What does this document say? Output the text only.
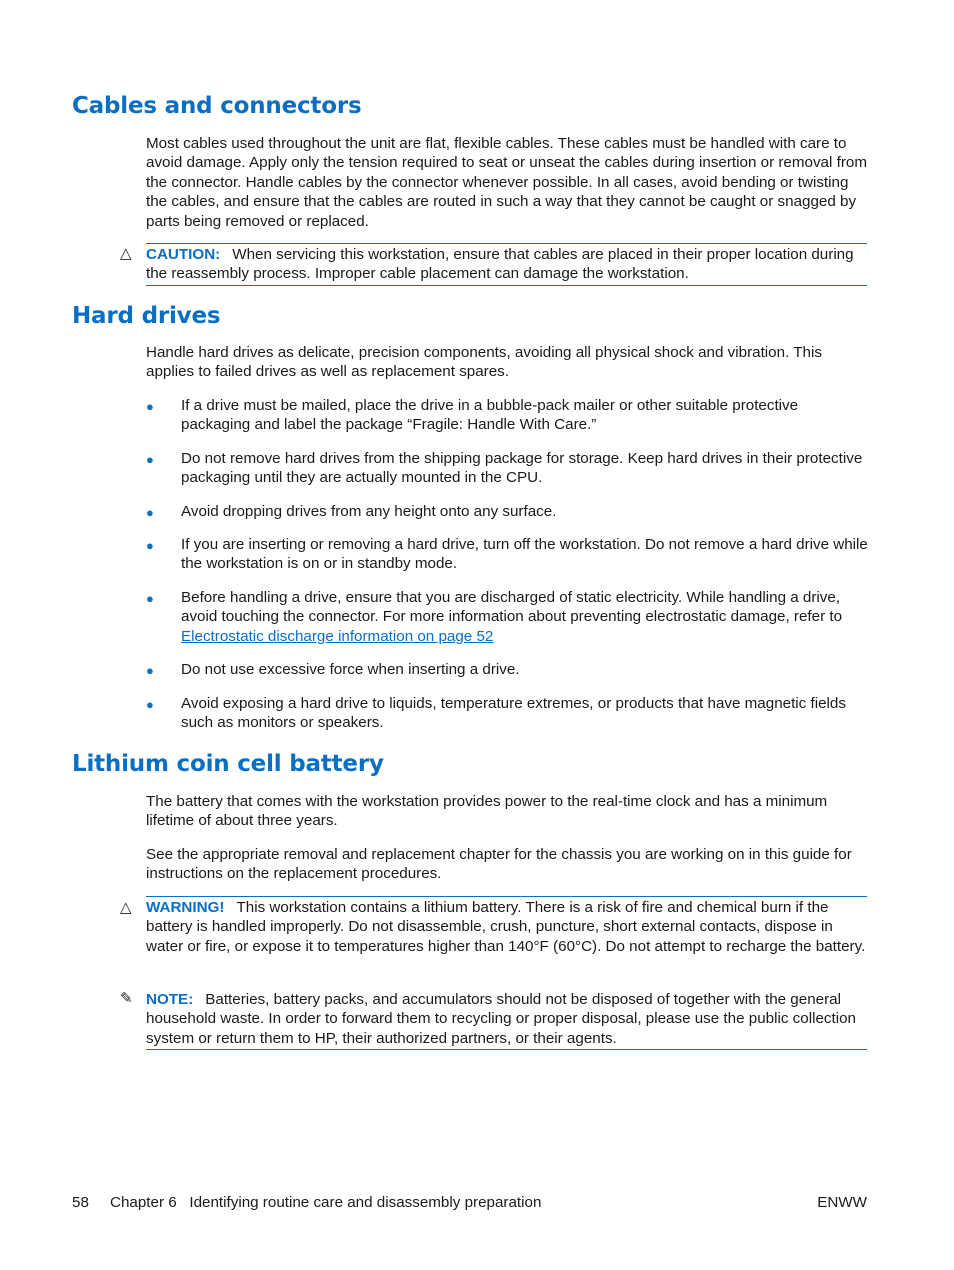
Cables and connectors

Most cables used throughout the unit are flat, flexible cables. These cables must be handled with care to avoid damage. Apply only the tension required to seat or unseat the cables during insertion or removal from the connector. Handle cables by the connector whenever possible. In all cases, avoid bending or twisting the cables, and ensure that the cables are routed in such a way that they cannot be caught or snagged by parts being removed or replaced.

△ CAUTION: When servicing this workstation, ensure that cables are placed in their proper location during the reassembly process. Improper cable placement can damage the workstation.
Hard drives

Handle hard drives as delicate, precision components, avoiding all physical shock and vibration. This applies to failed drives as well as replacement spares.

● If a drive must be mailed, place the drive in a bubble-pack mailer or other suitable protective packaging and label the package “Fragile: Handle With Care.”

● Do not remove hard drives from the shipping package for storage. Keep hard drives in their protective packaging until they are actually mounted in the CPU.

● Avoid dropping drives from any height onto any surface.

● If you are inserting or removing a hard drive, turn off the workstation. Do not remove a hard drive while the workstation is on or in standby mode.

● Before handling a drive, ensure that you are discharged of static electricity. While handling a drive, avoid touching the connector. For more information about preventing electrostatic damage, refer to Electrostatic discharge information on page 52

● Do not use excessive force when inserting a drive.

● Avoid exposing a hard drive to liquids, temperature extremes, or products that have magnetic fields such as monitors or speakers.

Lithium coin cell battery

The battery that comes with the workstation provides power to the real-time clock and has a minimum lifetime of about three years.

See the appropriate removal and replacement chapter for the chassis you are working on in this guide for instructions on the replacement procedures.

△ WARNING! This workstation contains a lithium battery. There is a risk of fire and chemical burn if the battery is handled improperly. Do not disassemble, crush, puncture, short external contacts, dispose in water or fire, or expose it to temperatures higher than 140°F (60°C). Do not attempt to recharge the battery.
✎ NOTE: Batteries, battery packs, and accumulators should not be disposed of together with the general household waste. In order to forward them to recycling or proper disposal, please use the public collection system or return them to HP, their authorized partners, or their agents.
58 Chapter 6   Identifying routine care and disassembly preparation	ENWW
